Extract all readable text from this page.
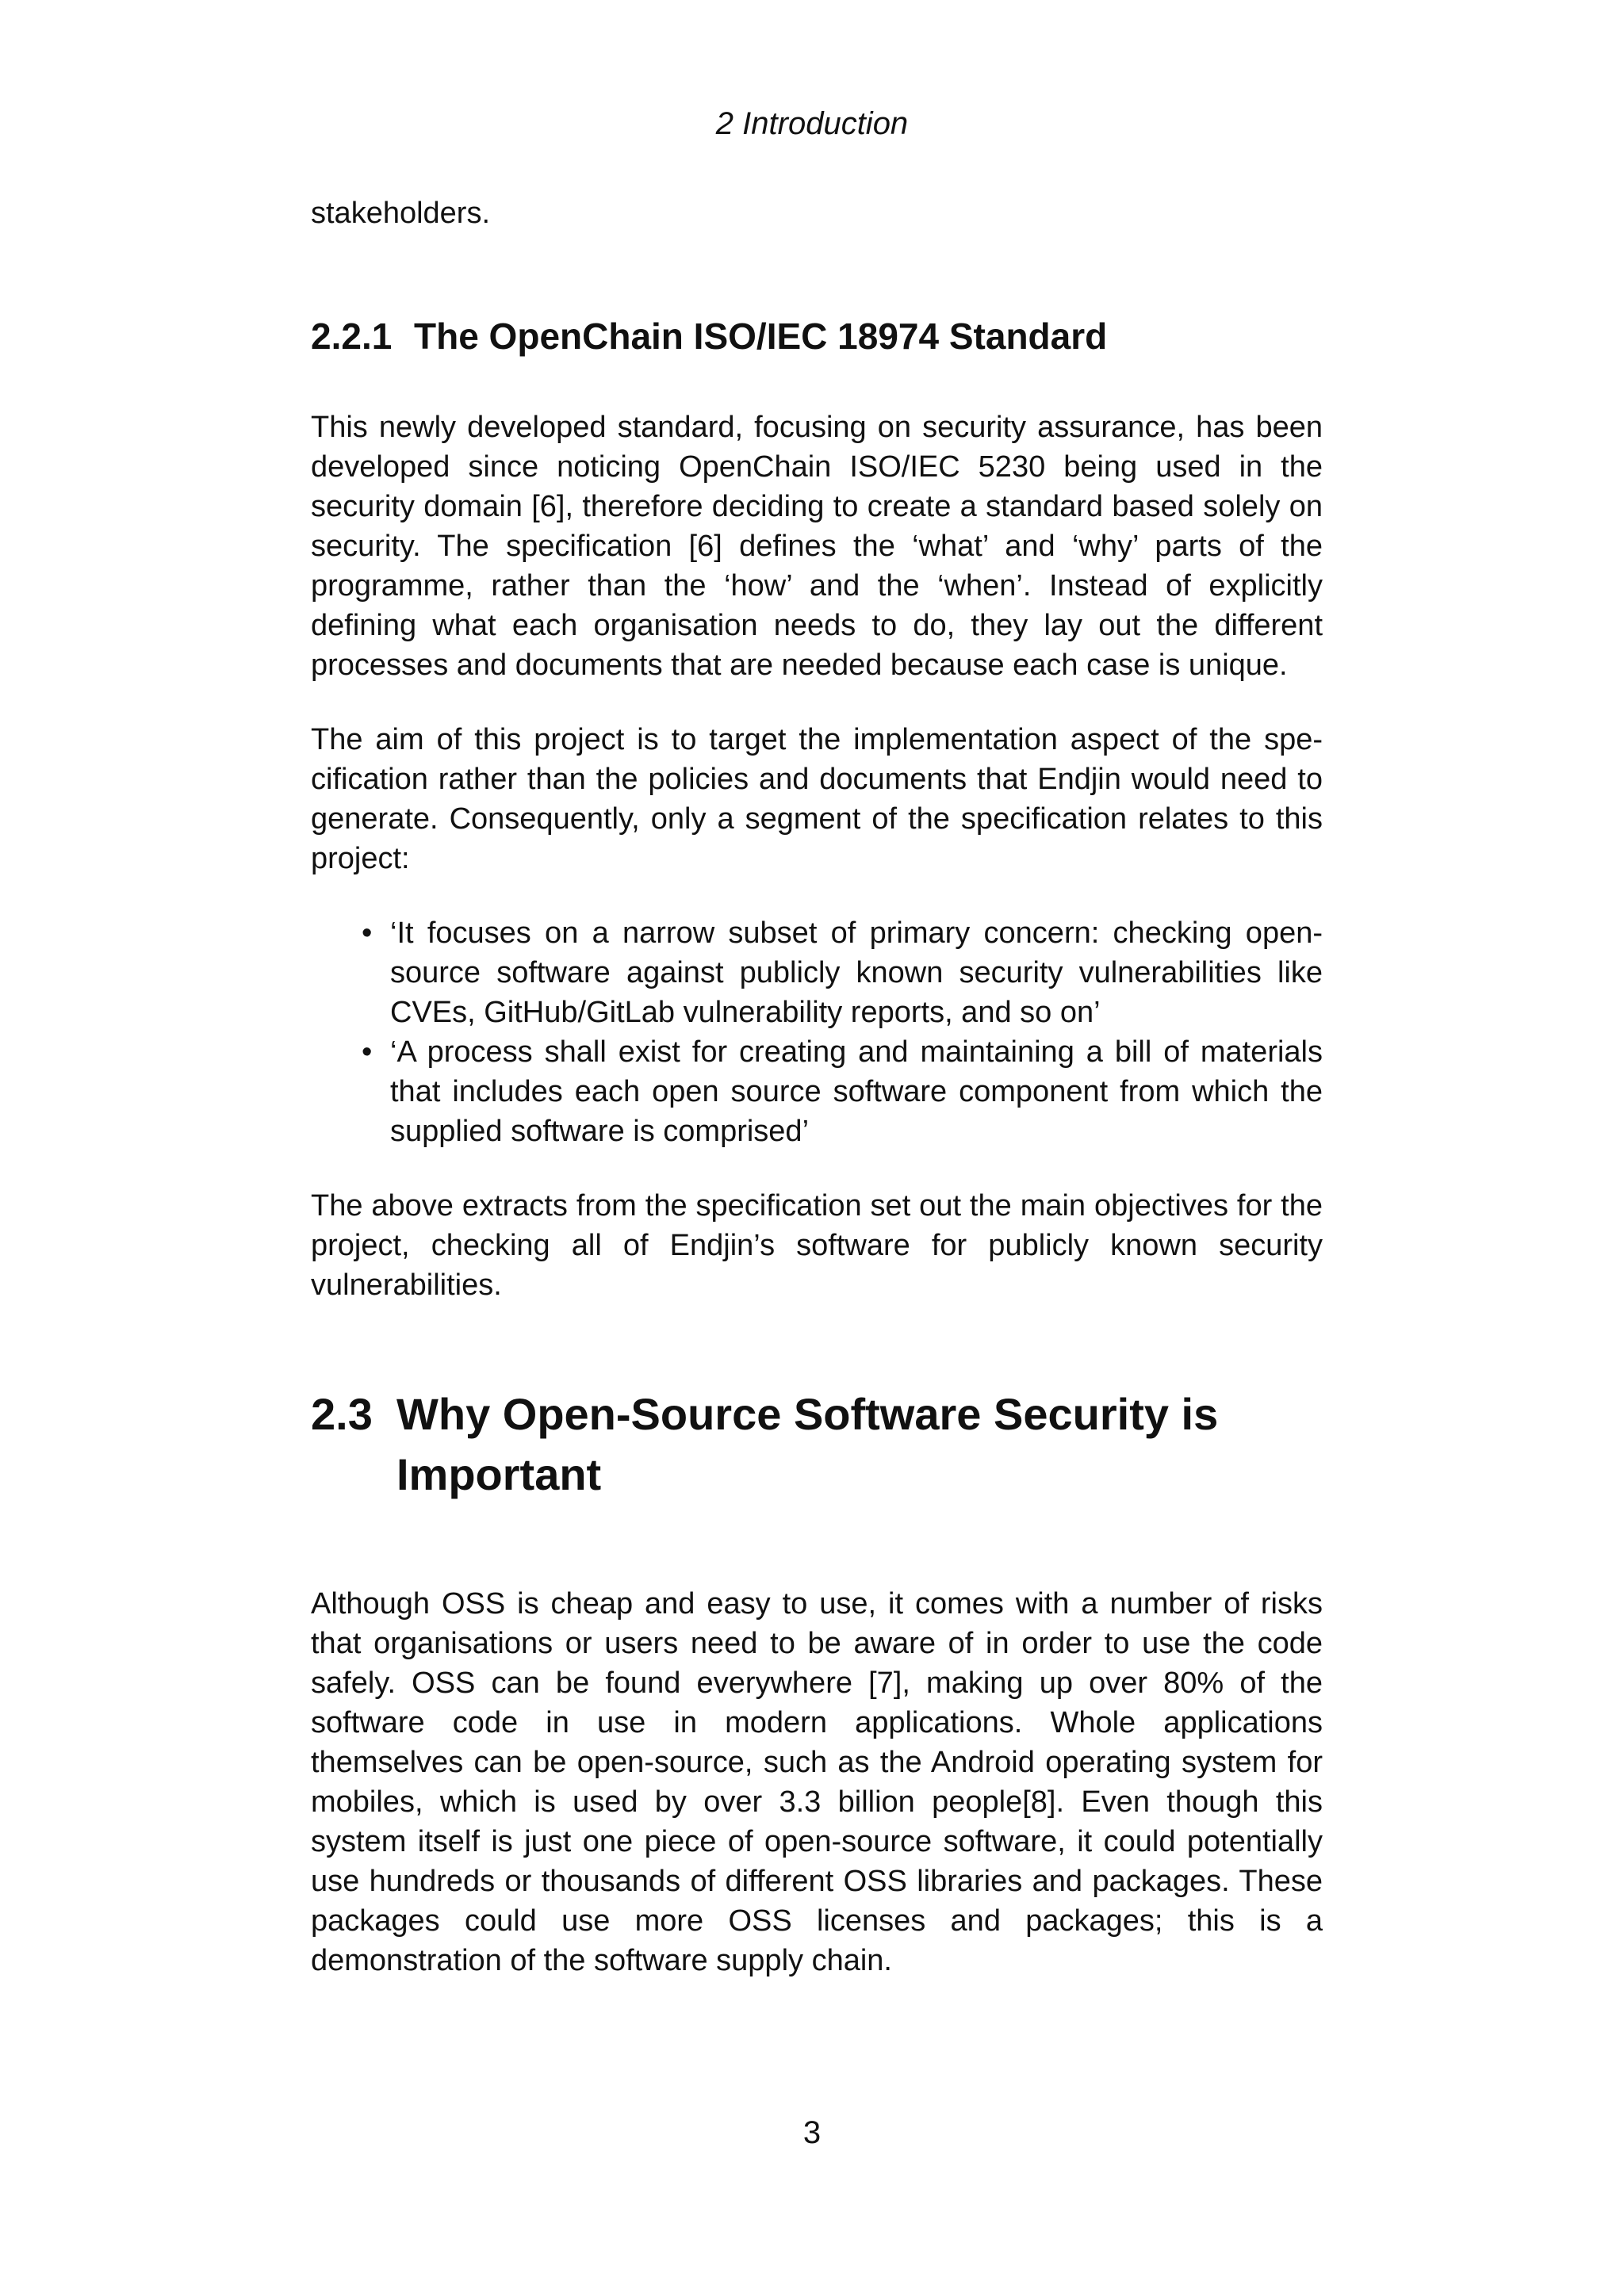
2 Introduction

stakeholders.

2.2.1 The OpenChain ISO/IEC 18974 Standard

This newly developed standard, focusing on security assurance, has been developed since noticing OpenChain ISO/IEC 5230 being used in the security domain [6], therefore deciding to create a standard based solely on security. The specification [6] defines the ‘what’ and ‘why’ parts of the programme, rather than the ‘how’ and the ‘when’. Instead of explicitly defining what each organisation needs to do, they lay out the different processes and documents that are needed because each case is unique.

The aim of this project is to target the implementation aspect of the specification rather than the policies and documents that Endjin would need to generate. Consequently, only a segment of the specification relates to this project:

• ‘It focuses on a narrow subset of primary concern: checking opensource software against publicly known security vulnerabilities like CVEs, GitHub/GitLab vulnerability reports, and so on’
• ‘A process shall exist for creating and maintaining a bill of materials that includes each open source software component from which the supplied software is comprised’

The above extracts from the specification set out the main objectives for the project, checking all of Endjin’s software for publicly known security vulnerabilities.

2.3 Why Open-Source Software Security is Important

Although OSS is cheap and easy to use, it comes with a number of risks that organisations or users need to be aware of in order to use the code safely. OSS can be found everywhere [7], making up over 80% of the software code in use in modern applications. Whole applications themselves can be open-source, such as the Android operating system for mobiles, which is used by over 3.3 billion people[8]. Even though this system itself is just one piece of open-source software, it could potentially use hundreds or thousands of different OSS libraries and packages. These packages could use more OSS licenses and packages; this is a demonstration of the software supply chain.

3
